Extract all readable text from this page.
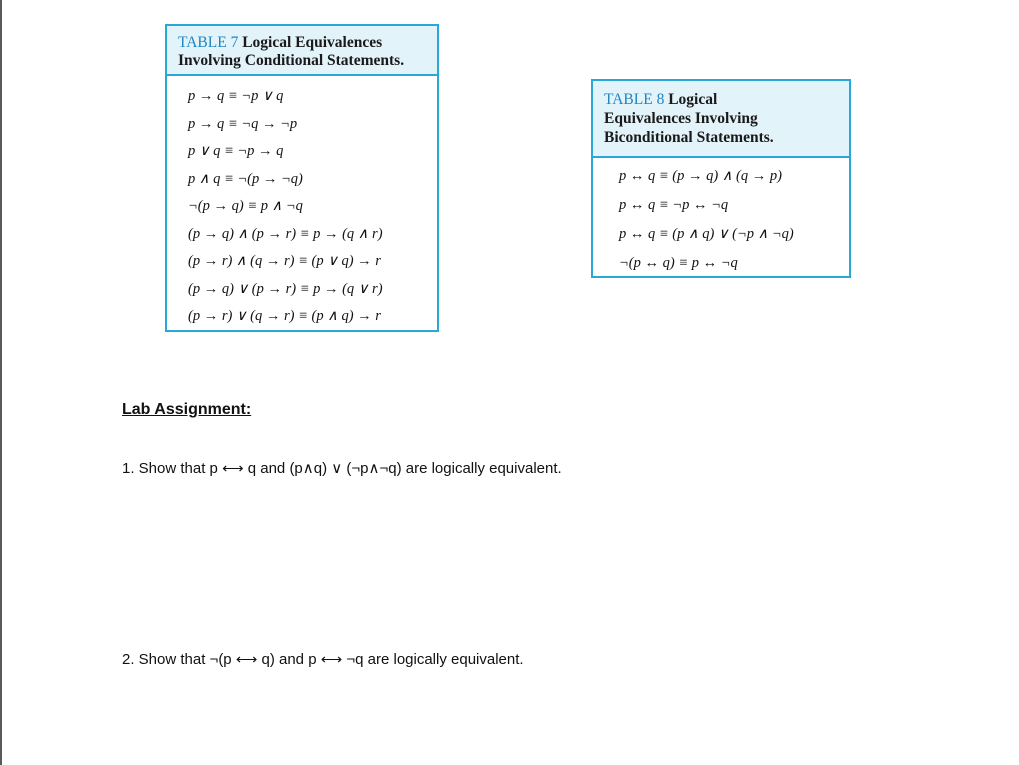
TABLE 7 Logical Equivalences
Involving Conditional Statements.
p → q ≡ ¬p ∨ q
p → q ≡ ¬q → ¬p
p ∨ q ≡ ¬p → q
p ∧ q ≡ ¬(p → ¬q)
¬(p → q) ≡ p ∧ ¬q
(p → q) ∧ (p → r) ≡ p → (q ∧ r)
(p → r) ∧ (q → r) ≡ (p ∨ q) → r
(p → q) ∨ (p → r) ≡ p → (q ∨ r)
(p → r) ∨ (q → r) ≡ (p ∧ q) → r
TABLE 8 Logical
Equivalences Involving
Biconditional Statements.
p ↔ q ≡ (p → q) ∧ (q → p)
p ↔ q ≡ ¬p ↔ ¬q
p ↔ q ≡ (p ∧ q) ∨ (¬p ∧ ¬q)
¬(p ↔ q) ≡ p ↔ ¬q
Lab Assignment:

1. Show that p ⟷ q and (p∧q) ∨ (¬p∧¬q) are logically equivalent.

2. Show that ¬(p ⟷ q) and p ⟷ ¬q are logically equivalent.
